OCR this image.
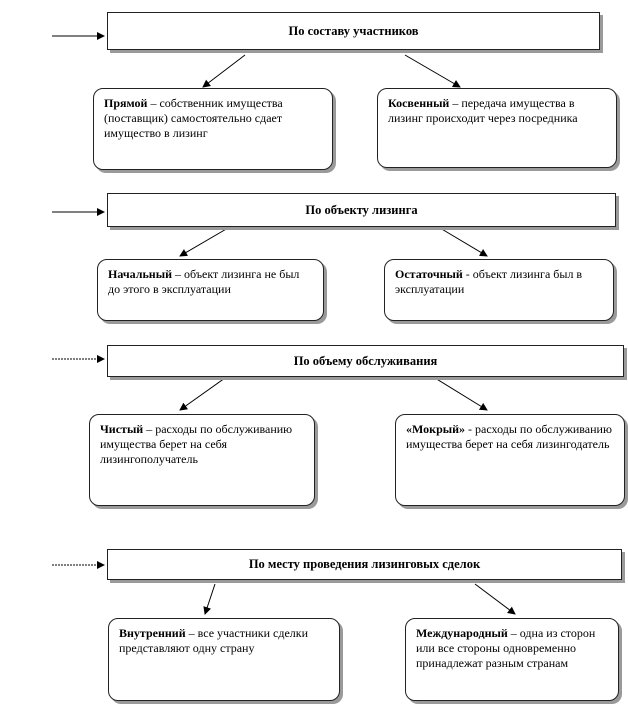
По составу участников
Прямой – собственник имущества (поставщик) самостоятельно сдает имущество в лизинг
Косвенный – передача имущества в лизинг происходит через посредника
По объекту лизинга
Начальный – объект лизинга не был до этого в эксплуатации
Остаточный - объект лизинга был в эксплуатации
По объему обслуживания
Чистый – расходы по обслуживанию имущества берет на себя лизингополучатель
«Мокрый» - расходы по обслуживанию имущества берет на себя лизингодатель
По месту проведения лизинговых сделок
Внутренний – все участники сделки представляют одну страну
Международный – одна из сторон или все стороны одновременно принадлежат разным странам
